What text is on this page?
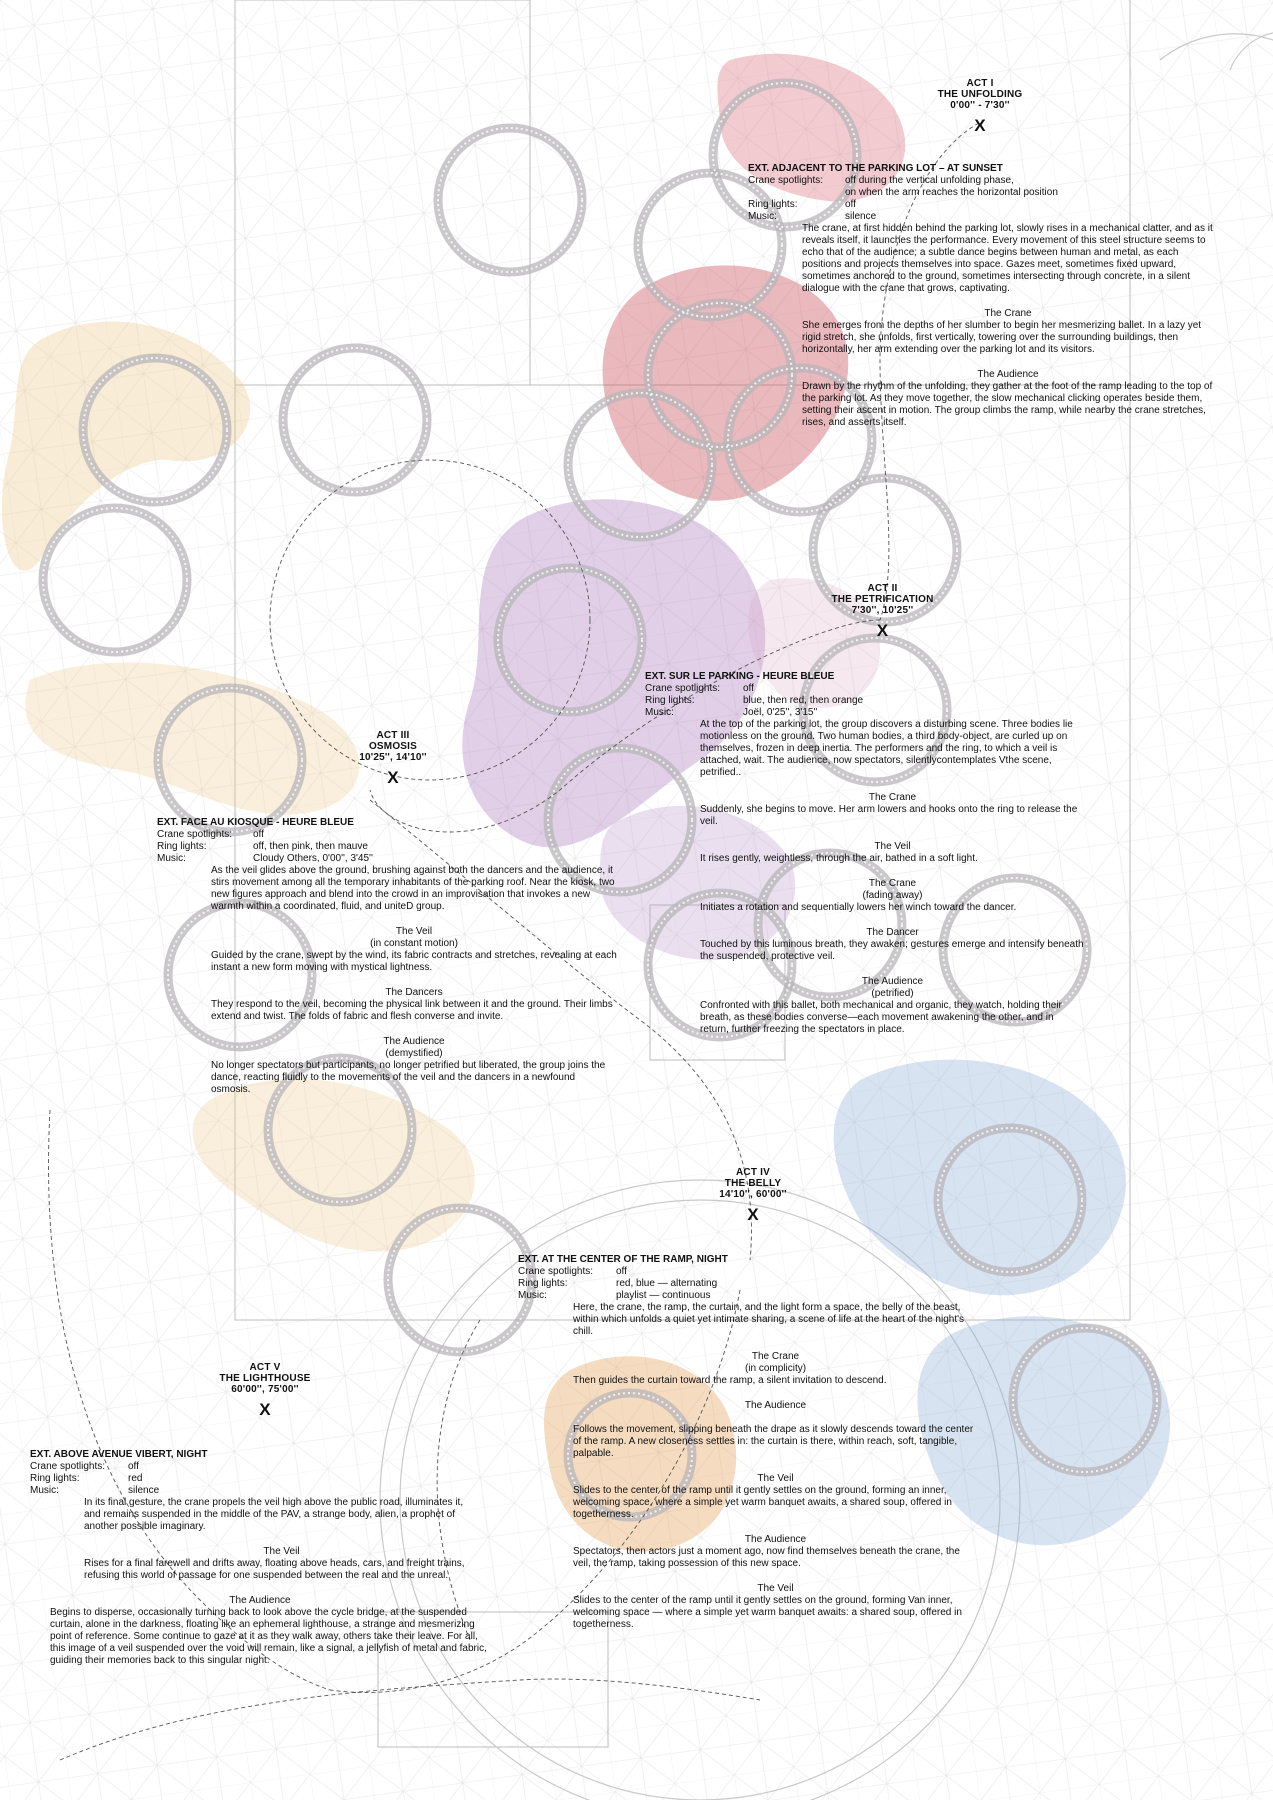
ACT I
THE UNFOLDING
0'00'' - 7'30''
X
ACT II
THE PETRIFICATION
7'30'', 10'25''
X
ACT III
OSMOSIS
10'25'', 14'10''
X
ACT IV
THE BELLY
14'10'', 60'00''
X
ACT V
THE LIGHTHOUSE
60'00'', 75'00''
X
EXT. ADJACENT TO THE PARKING LOT – AT SUNSET
Crane spotlights:	off during the vertical unfolding phase,
on when the arm reaches the horizontal position
Ring lights:	off
Music:	silence

The crane, at first hidden behind the parking lot, slowly rises in a mechanical clatter, and as it reveals itself, it launches the performance. Every movement of this steel structure seems to echo that of the audience; a subtle dance begins between human and metal, as each positions and projects themselves into space. Gazes meet, sometimes fixed upward, sometimes anchored to the ground, sometimes intersecting through concrete, in a silent dialogue with the crane that grows, captivating.

The Crane

She emerges from the depths of her slumber to begin her mesmerizing ballet. In a lazy yet rigid stretch, she unfolds, first vertically, towering over the surrounding buildings, then horizontally, her arm extending over the parking lot and its visitors.

The Audience

Drawn by the rhythm of the unfolding, they gather at the foot of the ramp leading to the top of the parking lot. As they move together, the slow mechanical clicking operates beside them, setting their ascent in motion. The group climbs the ramp, while nearby the crane stretches, rises, and asserts itself.

EXT. SUR LE PARKING - HEURE BLEUE
Crane spotlights:	off
Ring lights:	blue, then red, then orange
Music:	Joël, 0'25'', 3'15''

At the top of the parking lot, the group discovers a disturbing scene. Three bodies lie motionless on the ground. Two human bodies, a third body-object, are curled up on themselves, frozen in deep inertia. The performers and the ring, to which a veil is attached, wait. The audience, now spectators, silentlycontemplates Vthe scene, petrified..

The Crane

Suddenly, she begins to move. Her arm lowers and hooks onto the ring to release the veil.

The Veil

It rises gently, weightless, through the air, bathed in a soft light.

The Crane
(fading away)

Initiates a rotation and sequentially lowers her winch toward the dancer.

The Dancer

Touched by this luminous breath, they awaken; gestures emerge and intensify beneath the suspended, protective veil.

The Audience
(petrified)

Confronted with this ballet, both mechanical and organic, they watch, holding their breath, as these bodies converse—each movement awakening the other, and in return, further freezing the spectators in place.

EXT. FACE AU KIOSQUE - HEURE BLEUE
Crane spotlights:	off
Ring lights:	off, then pink, then mauve
Music:	Cloudy Others, 0'00'', 3'45''

As the veil glides above the ground, brushing against both the dancers and the audience, it stirs movement among all the temporary inhabitants of the parking roof. Near the kiosk, two new figures approach and blend into the crowd in an improvisation that invokes a new warmth within a coordinated, fluid, and uniteD group.

The Veil
(in constant motion)

Guided by the crane, swept by the wind, its fabric contracts and stretches, revealing at each instant a new form moving with mystical lightness.

The Dancers

They respond to the veil, becoming the physical link between it and the ground. Their limbs extend and twist. The folds of fabric and flesh converse and invite.

The Audience
(demystified)

No longer spectators but participants, no longer petrified but liberated, the group joins the dance, reacting fluidly to the movements of the veil and the dancers in a newfound osmosis.

EXT. AT THE CENTER OF THE RAMP, NIGHT
Crane spotlights:	off
Ring lights:	red, blue — alternating
Music:	playlist — continuous

Here, the crane, the ramp, the curtain, and the light form a space, the belly of the beast, within which unfolds a quiet yet intimate sharing, a scene of life at the heart of the night's chill.

The Crane
(in complicity)

Then guides the curtain toward the ramp, a silent invitation to descend.

The Audience

Follows the movement, slipping beneath the drape as it slowly descends toward the center of the ramp. A new closeness settles in: the curtain is there, within reach, soft, tangible, palpable.

The Veil

Slides to the center of the ramp until it gently settles on the ground, forming an inner, welcoming space, where a simple yet warm banquet awaits, a shared soup, offered in togetherness.

The Audience

Spectators, then actors just a moment ago, now find themselves beneath the crane, the veil, the ramp, taking possession of this new space.

The Veil

Slides to the center of the ramp until it gently settles on the ground, forming Van inner, welcoming space — where a simple yet warm banquet awaits: a shared soup, offered in togetherness.

EXT. ABOVE AVENUE VIBERT, NIGHT
Crane spotlights:	off
Ring lights:	red
Music:	silence

In its final gesture, the crane propels the veil high above the public road, illuminates it, and remains suspended in the middle of the PAV, a strange body, alien, a prophet of another possible imaginary.

The Veil

Rises for a final farewell and drifts away, floating above heads, cars, and freight trains, refusing this world of passage for one suspended between the real and the unreal.

The Audience

Begins to disperse, occasionally turning back to look above the cycle bridge, at the suspended curtain, alone in the darkness, floating like an ephemeral lighthouse, a strange and mesmerizing point of reference. Some continue to gaze at it as they walk away, others take their leave. For all, this image of a veil suspended over the void will remain, like a signal, a jellyfish of metal and fabric, guiding their memories back to this singular night.
